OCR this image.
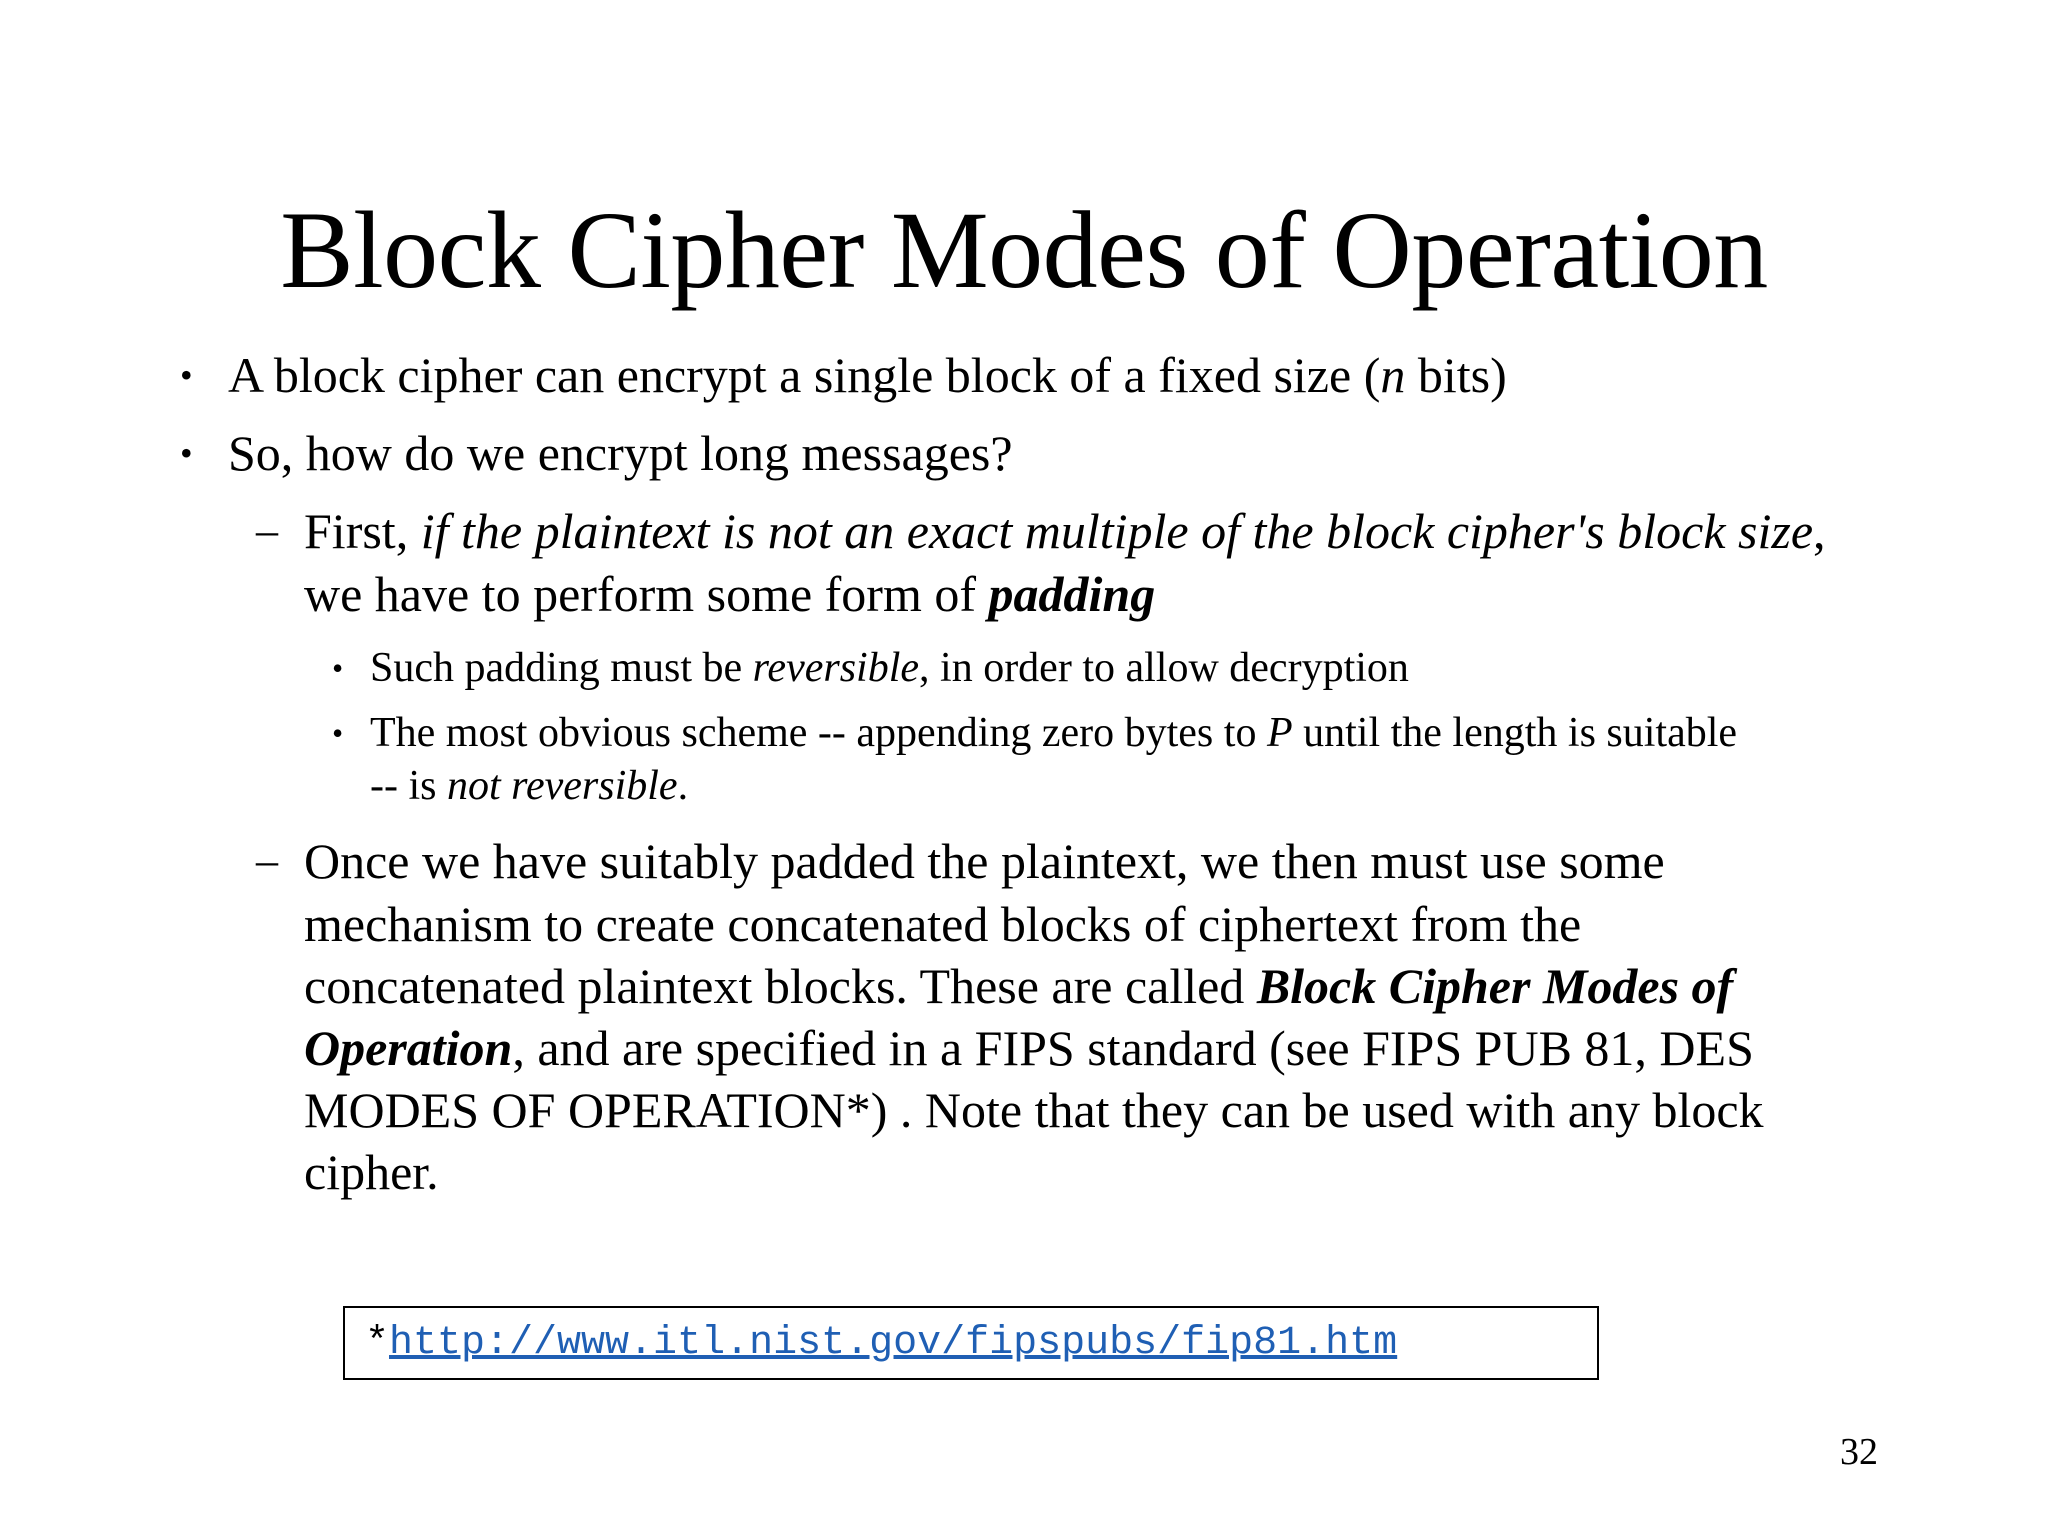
Block Cipher Modes of Operation
• A block cipher can encrypt a single block of a fixed size (n bits)
• So, how do we encrypt long messages?
– First, if the plaintext is not an exact multiple of the block cipher's block size,
we have to perform some form of padding
• Such padding must be reversible, in order to allow decryption
• The most obvious scheme -- appending zero bytes to P until the length is suitable
-- is not reversible.
– Once we have suitably padded the plaintext, we then must use some
mechanism to create concatenated blocks of ciphertext from the
concatenated plaintext blocks. These are called Block Cipher Modes of
Operation, and are specified in a FIPS standard (see FIPS PUB 81, DES
MODES OF OPERATION*) . Note that they can be used with any block
cipher.
*http://www.itl.nist.gov/fipspubs/fip81.htm
32
